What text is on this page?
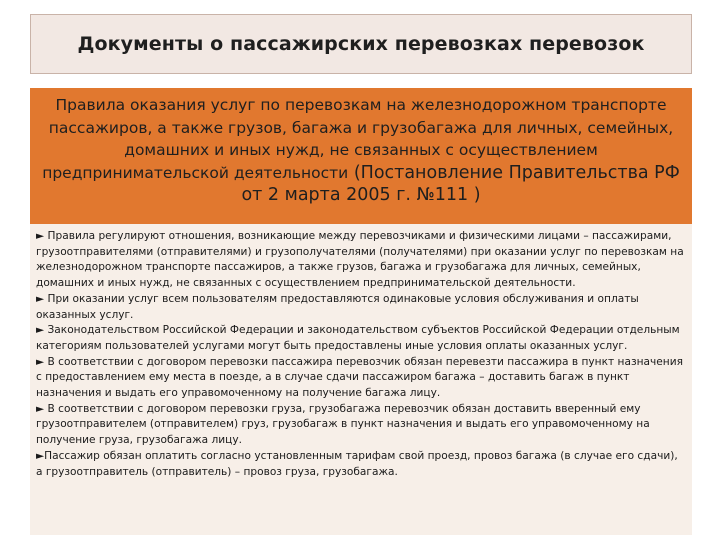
Документы о пассажирских перевозках перевозок
Правила оказания услуг по перевозкам на железнодорожном транспорте пассажиров, а также грузов, багажа и грузобагажа для личных, семейных, домашних и иных нужд, не связанных с осуществлением предпринимательской деятельности (Постановление Правительства РФ от 2 марта 2005 г. №111 )

► Правила регулируют отношения, возникающие между перевозчиками и физическими лицами – пассажирами, грузоотправителями (отправителями) и грузополучателями (получателями) при оказании услуг по перевозкам на железнодорожном транспорте пассажиров, а также грузов, багажа и грузобагажа для личных, семейных, домашних и иных нужд, не связанных с осуществлением предпринимательской деятельности.

► При оказании услуг всем пользователям предоставляются одинаковые условия обслуживания и оплаты оказанных услуг.

► Законодательством Российской Федерации и законодательством субъектов Российской Федерации отдельным категориям пользователей услугами могут быть предоставлены иные условия оплаты оказанных услуг.

► В соответствии с договором перевозки пассажира перевозчик обязан перевезти пассажира в пункт назначения с предоставлением ему места в поезде, а в случае сдачи пассажиром багажа – доставить багаж в пункт назначения и выдать его управомоченному на получение багажа лицу.

► В соответствии с договором перевозки груза, грузобагажа перевозчик обязан доставить вверенный ему грузоотправителем (отправителем) груз, грузобагаж в пункт назначения и выдать его управомоченному на получение груза, грузобагажа лицу.

►Пассажир обязан оплатить согласно установленным тарифам свой проезд, провоз багажа (в случае его сдачи), а грузоотправитель (отправитель) – провоз груза, грузобагажа.
